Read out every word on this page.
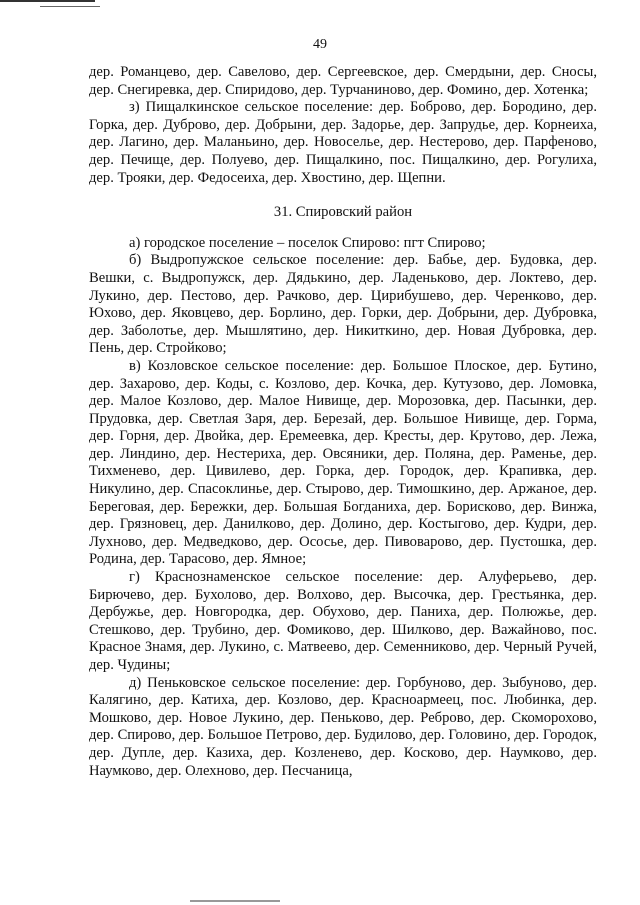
49

дер. Романцево, дер. Савелово, дер. Сергеевское, дер. Смердыни, дер. Сносы, дер. Снегиревка, дер. Спиридово, дер. Турчаниново, дер. Фомино, дер. Хотенка;

з) Пищалкинское сельское поселение: дер. Боброво, дер. Бородино, дер. Горка, дер. Дуброво, дер. Добрыни, дер. Задорье, дер. Запрудье, дер. Корнеиха, дер. Лагино, дер. Маланьино, дер. Новоселье, дер. Нестерово, дер. Парфеново, дер. Печище, дер. Полуево, дер. Пищалкино, пос. Пищалкино, дер. Рогулиха, дер. Трояки, дер. Федосеиха, дер. Хвостино, дер. Щепни.

31. Спировский район

а) городское поселение – поселок Спирово: пгт Спирово;

б) Выдропужское сельское поселение: дер. Бабье, дер. Будовка, дер. Вешки, с. Выдропужск, дер. Дядькино, дер. Ладеньково, дер. Локтево, дер. Лукино, дер. Пестово, дер. Рачково, дер. Цирибушево, дер. Черенково, дер. Юхово, дер. Яковцево, дер. Борлино, дер. Горки, дер. Добрыни, дер. Дубровка, дер. Заболотье, дер. Мышлятино, дер. Никиткино, дер. Новая Дубровка, дер. Пень, дер. Стройково;

в) Козловское сельское поселение: дер. Большое Плоское, дер. Бутино, дер. Захарово, дер. Коды, с. Козлово, дер. Кочка, дер. Кутузово, дер. Ломовка, дер. Малое Козлово, дер. Малое Нивище, дер. Морозовка, дер. Пасынки, дер. Прудовка, дер. Светлая Заря, дер. Березай, дер. Большое Нивище, дер. Горма, дер. Горня, дер. Двойка, дер. Еремеевка, дер. Кресты, дер. Крутово, дер. Лежа, дер. Линдино, дер. Нестериха, дер. Овсяники, дер. Поляна, дер. Раменье, дер. Тихменево, дер. Цивилево, дер. Горка, дер. Городок, дер. Крапивка, дер. Никулино, дер. Спасоклинье, дер. Стырово, дер. Тимошкино, дер. Аржаное, дер. Береговая, дер. Бережки, дер. Большая Богданиха, дер. Борисково, дер. Винжа, дер. Грязновец, дер. Данилково, дер. Долино, дер. Костыгово, дер. Кудри, дер. Лухново, дер. Медведково, дер. Ососье, дер. Пивоварово, дер. Пустошка, дер. Родина, дер. Тарасово, дер. Ямное;

г) Краснознаменское сельское поселение: дер. Алуферьево, дер. Бирючево, дер. Бухолово, дер. Волхово, дер. Высочка, дер. Грестьянка, дер. Дербужье, дер. Новгородка, дер. Обухово, дер. Паниха, дер. Полюжье, дер. Стешково, дер. Трубино, дер. Фомиково, дер. Шилково, дер. Важайново, пос. Красное Знамя, дер. Лукино, с. Матвеево, дер. Семенниково, дер. Черный Ручей, дер. Чудины;

д) Пеньковское сельское поселение: дер. Горбуново, дер. Зыбуново, дер. Калягино, дер. Катиха, дер. Козлово, дер. Красноармеец, пос. Любинка, дер. Мошково, дер. Новое Лукино, дер. Пеньково, дер. Реброво, дер. Скоморохово, дер. Спирово, дер. Большое Петрово, дер. Будилово, дер. Головино, дер. Городок, дер. Дупле, дер. Казиха, дер. Козленево, дер. Косково, дер. Наумково, дер. Наумково, дер. Олехново, дер. Песчаница,
